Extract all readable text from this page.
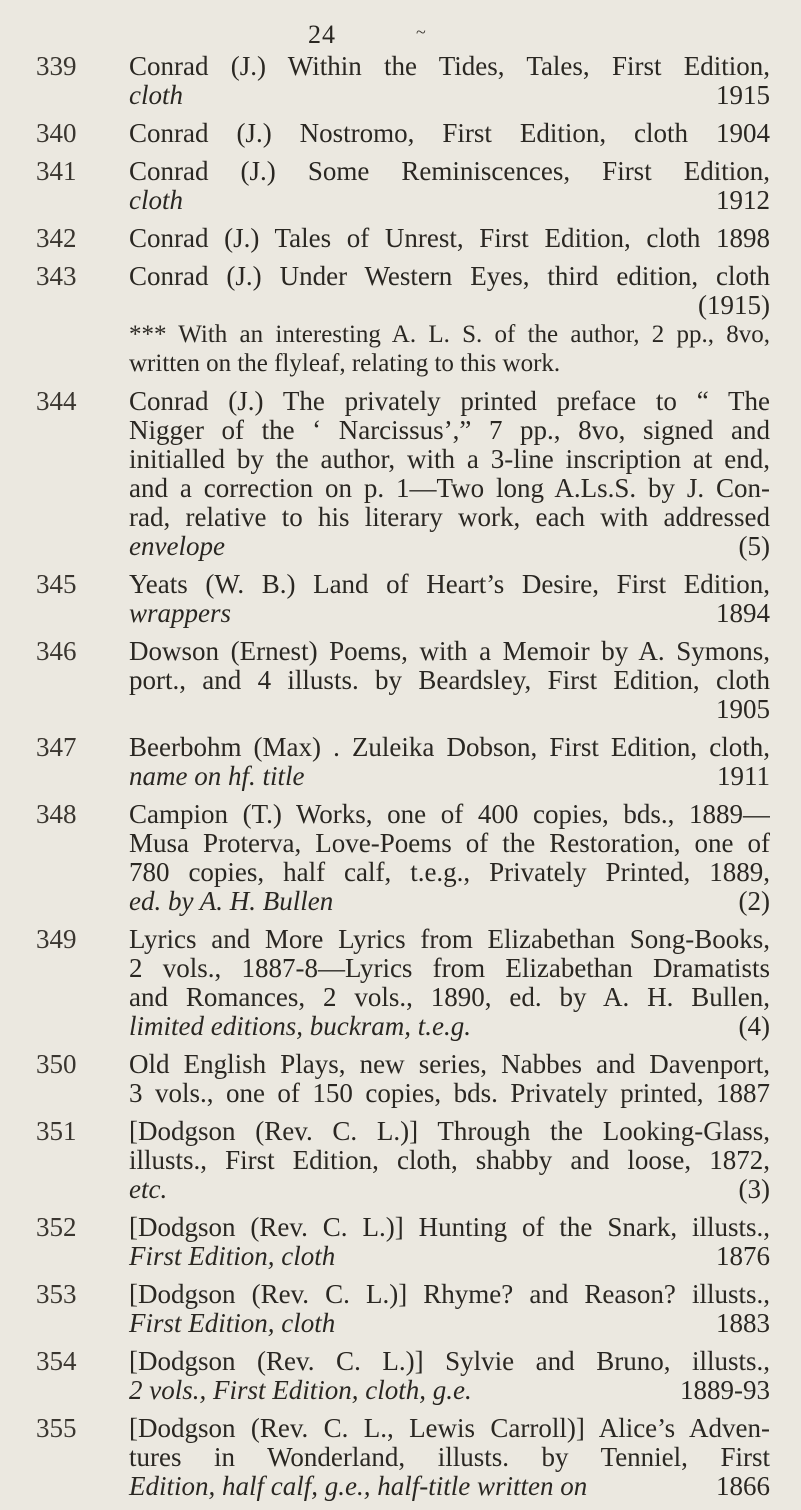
24	~
339	Conrad (J.) Within the Tides, Tales, First Edition,
cloth	1915
340	Conrad (J.) Nostromo, First Edition, cloth 1904
341	Conrad (J.) Some Reminiscences, First Edition,
cloth	1912
342	Conrad (J.) Tales of Unrest, First Edition, cloth 1898
343	Conrad (J.) Under Western Eyes, third edition, cloth
(1915)
*** With an interesting A. L. S. of the author, 2 pp., 8vo, written on the flyleaf, relating to this work.
344	Conrad (J.) The privately printed preface to “ The
Nigger of the ‘ Narcissus’,” 7 pp., 8vo, signed and
initialled by the author, with a 3-line inscription at end,
and a correction on p. 1—Two long A.Ls.S. by J. Con-
rad, relative to his literary work, each with addressed
envelope	(5)
345	Yeats (W. B.) Land of Heart’s Desire, First Edition,
wrappers	1894
346	Dowson (Ernest) Poems, with a Memoir by A. Symons,
port., and 4 illusts. by Beardsley, First Edition, cloth
1905
347	Beerbohm (Max) . Zuleika Dobson, First Edition, cloth,
name on hf. title	1911
348	Campion (T.) Works, one of 400 copies, bds., 1889—
Musa Proterva, Love-Poems of the Restoration, one of
780 copies, half calf, t.e.g., Privately Printed, 1889,
ed. by A. H. Bullen	(2)
349	Lyrics and More Lyrics from Elizabethan Song-Books,
2 vols., 1887-8—Lyrics from Elizabethan Dramatists
and Romances, 2 vols., 1890, ed. by A. H. Bullen,
limited editions, buckram, t.e.g.	(4)
350	Old English Plays, new series, Nabbes and Davenport,
3 vols., one of 150 copies, bds. Privately printed, 1887
351	[Dodgson (Rev. C. L.)] Through the Looking-Glass,
illusts., First Edition, cloth, shabby and loose, 1872,
etc.	(3)
352	[Dodgson (Rev. C. L.)] Hunting of the Snark, illusts.,
First Edition, cloth	1876
353	[Dodgson (Rev. C. L.)] Rhyme? and Reason? illusts.,
First Edition, cloth	1883
354	[Dodgson (Rev. C. L.)] Sylvie and Bruno, illusts.,
2 vols., First Edition, cloth, g.e.	1889-93
355	[Dodgson (Rev. C. L., Lewis Carroll)] Alice’s Adven-
tures in Wonderland, illusts. by Tenniel, First
Edition, half calf, g.e., half-title written on	1866
